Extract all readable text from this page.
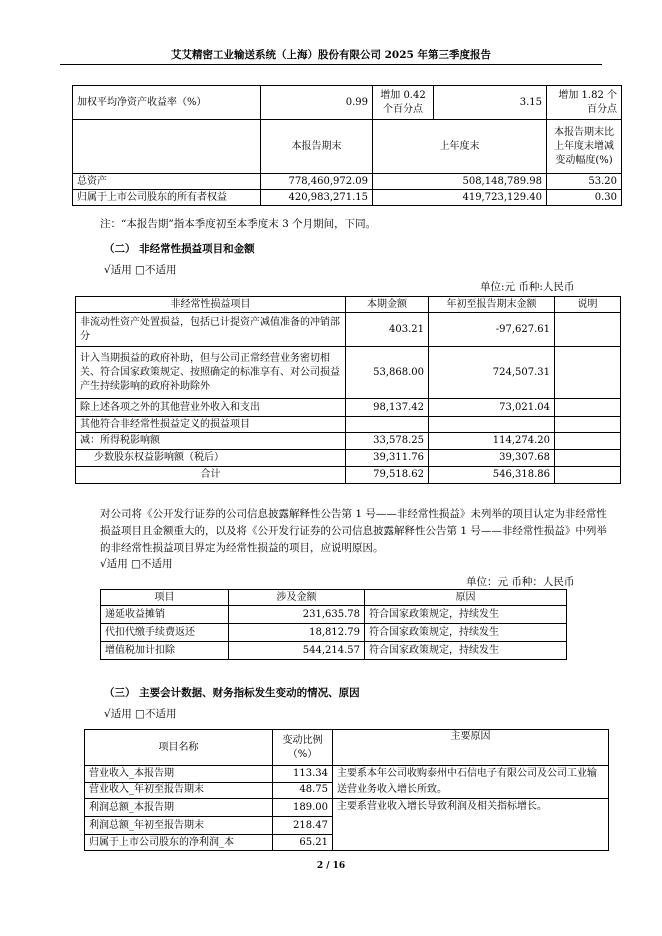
艾艾精密工业输送系统（上海）股份有限公司 2025 年第三季度报告
加权平均净资产收益率（%）	0.99	增加 0.42 个百分点	3.15	增加 1.82 个百分点
	本报告期末	上年度末		本报告期末比上年度末增减变动幅度(%)
总资产	778,460,972.09	508,148,789.98		53.20
归属于上市公司股东的所有者权益	420,983,271.15	419,723,129.40		0.30
注：“本报告期”指本季度初至本季度末 3 个月期间，下同。
（二） 非经常性损益项目和金额
√适用 □不适用
单位:元 币种:人民币
非经常性损益项目	本期金额	年初至报告期末金额	说明
非流动性资产处置损益，包括已计提资产减值准备的冲销部分	403.21	-97,627.61	
计入当期损益的政府补助，但与公司正常经营业务密切相关、符合国家政策规定、按照确定的标准享有、对公司损益产生持续影响的政府补助除外	53,868.00	724,507.31	
除上述各项之外的其他营业外收入和支出	98,137.42	73,021.04	
其他符合非经常性损益定义的损益项目			
减：所得税影响额	33,578.25	114,274.20	
少数股东权益影响额（税后）	39,311.76	39,307.68	
合计	79,518.62	546,318.86	
对公司将《公开发行证券的公司信息披露解释性公告第 1 号——非经常性损益》未列举的项目认定为非经常性损益项目且金额重大的，以及将《公开发行证券的公司信息披露解释性公告第 1 号——非经常性损益》中列举的非经常性损益项目界定为经常性损益的项目，应说明原因。
√适用 □不适用
单位：元 币种：人民币
项目	涉及金额	原因
递延收益摊销	231,635.78	符合国家政策规定，持续发生
代扣代缴手续费返还	18,812.79	符合国家政策规定，持续发生
增值税加计扣除	544,214.57	符合国家政策规定，持续发生
（三） 主要会计数据、财务指标发生变动的情况、原因
√适用 □不适用
项目名称	变动比例（%）	主要原因
营业收入_本报告期	113.34	主要系本年公司收购泰州中石信电子有限公司及公司工业输送营业务收入增长所致。
营业收入_年初至报告期末	48.75	
利润总额_本报告期	189.00	主要系营业收入增长导致利润及相关指标增长。
利润总额_年初至报告期末	218.47	
归属于上市公司股东的净利润_本	65.21	
2 / 16
